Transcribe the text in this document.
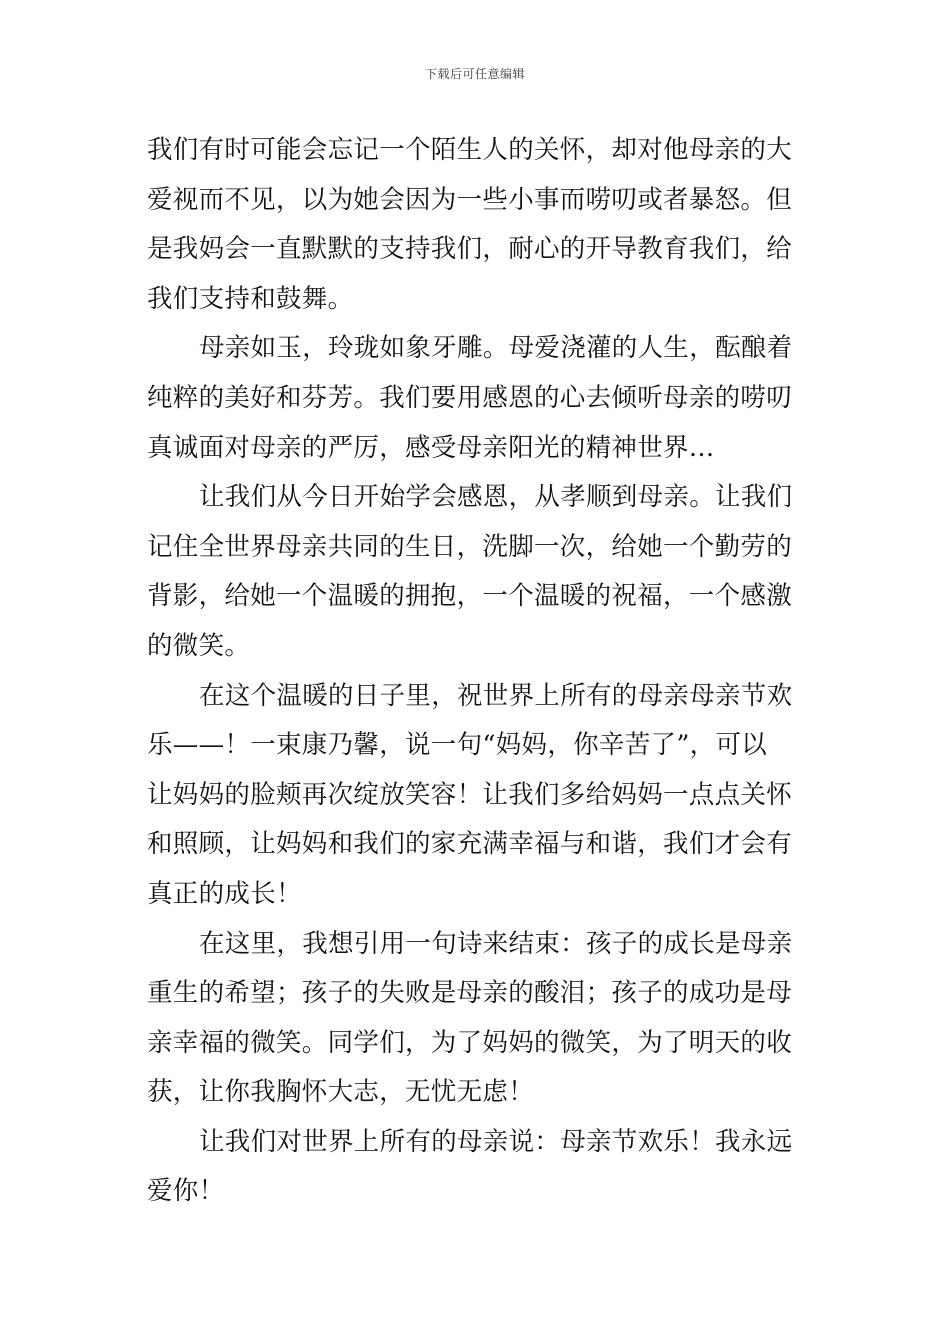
下载后可任意编辑
我们有时可能会忘记一个陌生人的关怀，却对他母亲的大
爱视而不见，以为她会因为一些小事而唠叨或者暴怒。但
是我妈会一直默默的支持我们，耐心的开导教育我们，给
我们支持和鼓舞。
母亲如玉，玲珑如象牙雕。母爱浇灌的人生，酝酿着
纯粹的美好和芬芳。我们要用感恩的心去倾听母亲的唠叨
真诚面对母亲的严厉，感受母亲阳光的精神世界…
让我们从今日开始学会感恩，从孝顺到母亲。让我们
记住全世界母亲共同的生日，洗脚一次，给她一个勤劳的
背影，给她一个温暖的拥抱，一个温暖的祝福，一个感激
的微笑。
在这个温暖的日子里，祝世界上所有的母亲母亲节欢
乐——！一束康乃馨，说一句“妈妈，你辛苦了”，可以
让妈妈的脸颊再次绽放笑容！让我们多给妈妈一点点关怀
和照顾，让妈妈和我们的家充满幸福与和谐，我们才会有
真正的成长！
在这里，我想引用一句诗来结束：孩子的成长是母亲
重生的希望；孩子的失败是母亲的酸泪；孩子的成功是母
亲幸福的微笑。同学们，为了妈妈的微笑，为了明天的收
获，让你我胸怀大志，无忧无虑！
让我们对世界上所有的母亲说：母亲节欢乐！我永远
爱你！
